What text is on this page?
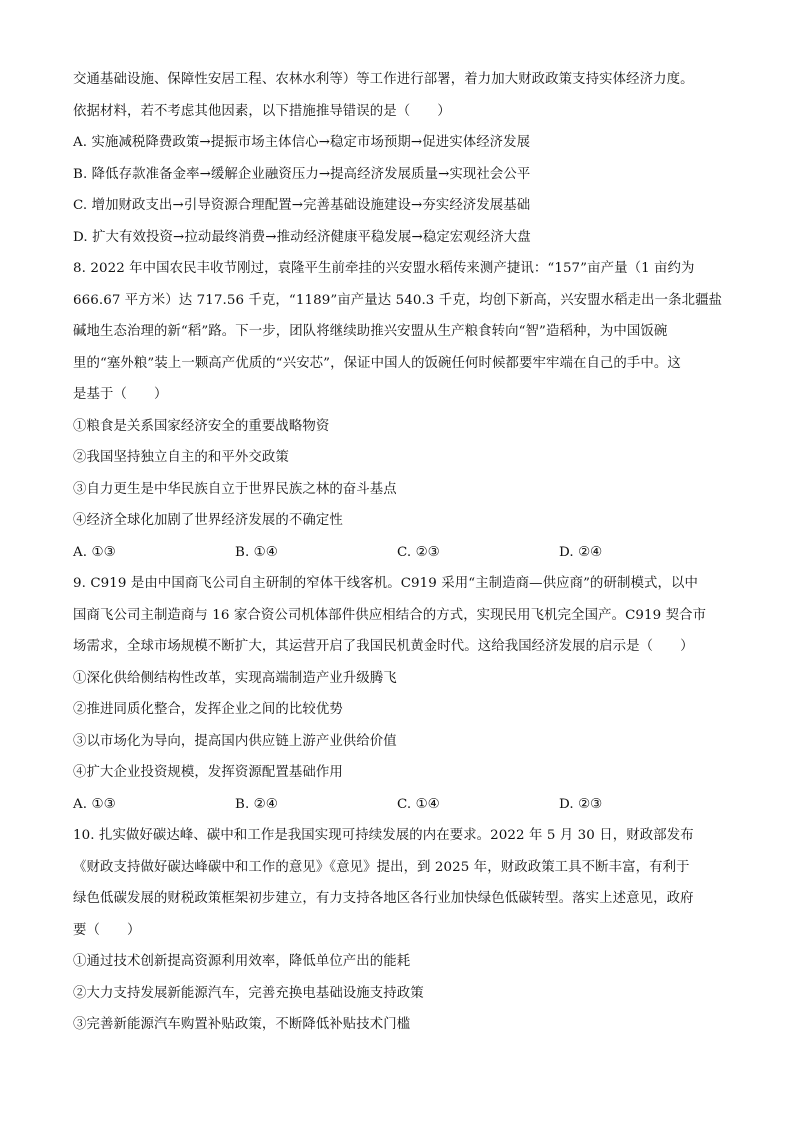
交通基础设施、保障性安居工程、农林水利等）等工作进行部署，着力加大财政政策支持实体经济力度。
依据材料，若不考虑其他因素，以下措施推导错误的是（　　）
A. 实施减税降费政策→提振市场主体信心→稳定市场预期→促进实体经济发展
B. 降低存款准备金率→缓解企业融资压力→提高经济发展质量→实现社会公平
C. 增加财政支出→引导资源合理配置→完善基础设施建设→夯实经济发展基础
D. 扩大有效投资→拉动最终消费→推动经济健康平稳发展→稳定宏观经济大盘
8. 2022 年中国农民丰收节刚过，袁隆平生前牵挂的兴安盟水稻传来测产捷讯：“157”亩产量（1 亩约为
666.67 平方米）达 717.56 千克，“1189”亩产量达 540.3 千克，均创下新高，兴安盟水稻走出一条北疆盐
碱地生态治理的新“稻”路。下一步，团队将继续助推兴安盟从生产粮食转向“智”造稻种，为中国饭碗
里的“塞外粮”装上一颗高产优质的“兴安芯”，保证中国人的饭碗任何时候都要牢牢端在自己的手中。这
是基于（　　）
①粮食是关系国家经济安全的重要战略物资
②我国坚持独立自主的和平外交政策
③自力更生是中华民族自立于世界民族之林的奋斗基点
④经济全球化加剧了世界经济发展的不确定性
A. ①③	B. ①④	C. ②③	D. ②④
9. C919 是由中国商飞公司自主研制的窄体干线客机。C919 采用“主制造商—供应商”的研制模式，以中
国商飞公司主制造商与 16 家合资公司机体部件供应相结合的方式，实现民用飞机完全国产。C919 契合市
场需求，全球市场规模不断扩大，其运营开启了我国民机黄金时代。这给我国经济发展的启示是（　　）
①深化供给侧结构性改革，实现高端制造产业升级腾飞
②推进同质化整合，发挥企业之间的比较优势
③以市场化为导向，提高国内供应链上游产业供给价值
④扩大企业投资规模，发挥资源配置基础作用
A. ①③	B. ②④	C. ①④	D. ②③
10. 扎实做好碳达峰、碳中和工作是我国实现可持续发展的内在要求。2022 年 5 月 30 日，财政部发布
《财政支持做好碳达峰碳中和工作的意见》《意见》提出，到 2025 年，财政政策工具不断丰富，有利于
绿色低碳发展的财税政策框架初步建立，有力支持各地区各行业加快绿色低碳转型。落实上述意见，政府
要（　　）
①通过技术创新提高资源利用效率，降低单位产出的能耗
②大力支持发展新能源汽车，完善充换电基础设施支持政策
③完善新能源汽车购置补贴政策，不断降低补贴技术门槛
